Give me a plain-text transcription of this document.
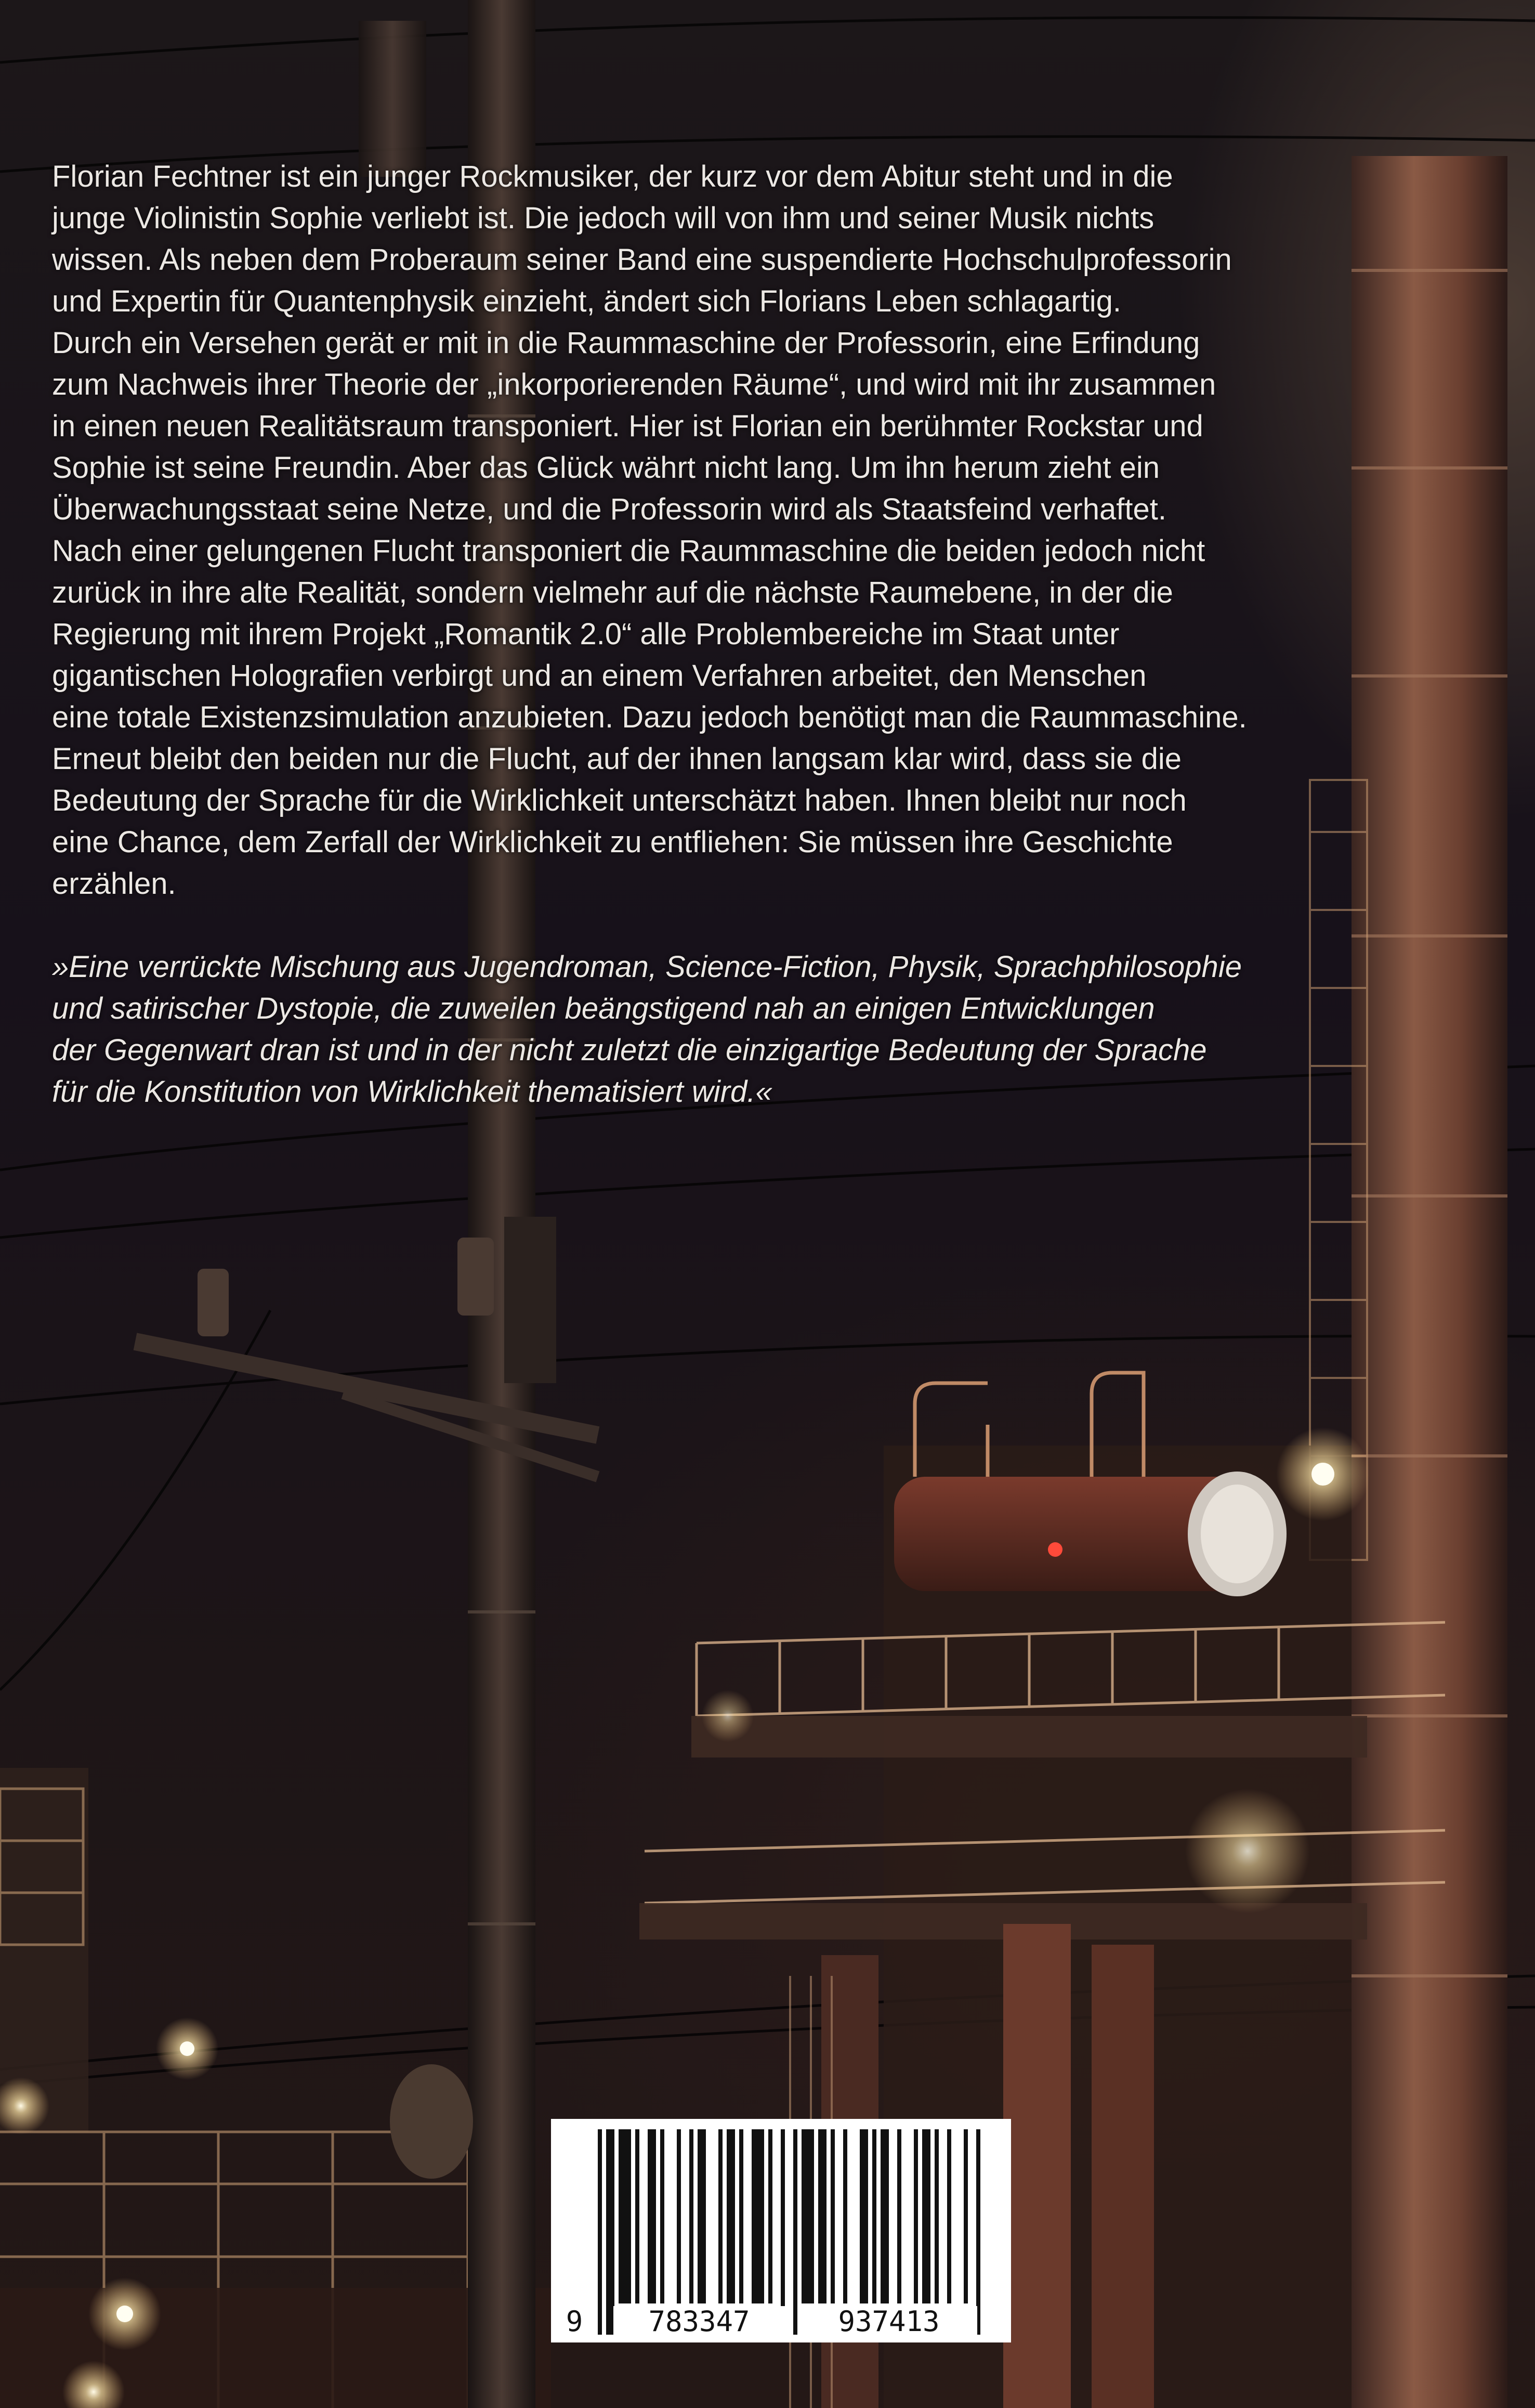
Florian Fechtner ist ein junger Rockmusiker, der kurz vor dem Abitur steht und in die

junge Violinistin Sophie verliebt ist. Die jedoch will von ihm und seiner Musik nichts

wissen. Als neben dem Proberaum seiner Band eine suspendierte Hochschulprofessorin

und Expertin für Quantenphysik einzieht, ändert sich Florians Leben schlagartig.

Durch ein Versehen gerät er mit in die Raummaschine der Professorin, eine Erfindung

zum Nachweis ihrer Theorie der „inkorporierenden Räume“, und wird mit ihr zusammen

in einen neuen Realitätsraum transponiert. Hier ist Florian ein berühmter Rockstar und

Sophie ist seine Freundin. Aber das Glück währt nicht lang. Um ihn herum zieht ein

Überwachungsstaat seine Netze, und die Professorin wird als Staatsfeind verhaftet.

Nach einer gelungenen Flucht transponiert die Raummaschine die beiden jedoch nicht

zurück in ihre alte Realität, sondern vielmehr auf die nächste Raumebene, in der die

Regierung mit ihrem Projekt „Romantik 2.0“ alle Problembereiche im Staat unter

gigantischen Holografien verbirgt und an einem Verfahren arbeitet, den Menschen

eine totale Existenzsimulation anzubieten. Dazu jedoch benötigt man die Raummaschine.

Erneut bleibt den beiden nur die Flucht, auf der ihnen langsam klar wird, dass sie die

Bedeutung der Sprache für die Wirklichkeit unterschätzt haben. Ihnen bleibt nur noch

eine Chance, dem Zerfall der Wirklichkeit zu entfliehen: Sie müssen ihre Geschichte

erzählen.

»Eine verrückte Mischung aus Jugendroman, Science-Fiction, Physik, Sprachphilosophie

und satirischer Dystopie, die zuweilen beängstigend nah an einigen Entwicklungen

der Gegenwart dran ist und in der nicht zuletzt die einzigartige Bedeutung der Sprache

für die Konstitution von Wirklichkeit thematisiert wird.«

9	783347	937413
